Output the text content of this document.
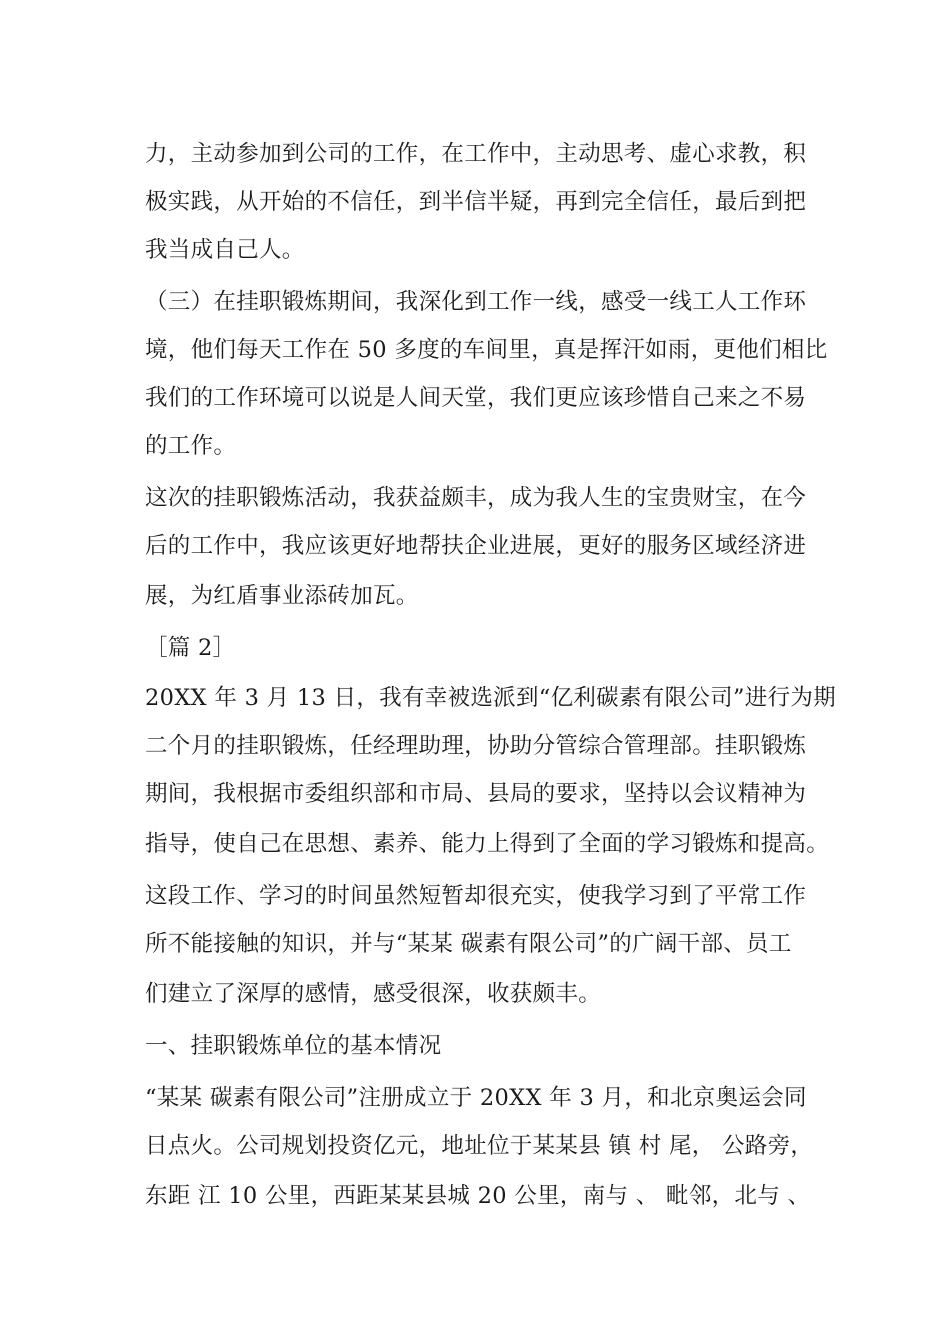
力，主动参加到公司的工作，在工作中，主动思考、虚心求教，积
极实践，从开始的不信任，到半信半疑，再到完全信任，最后到把
我当成自己人。
（三）在挂职锻炼期间，我深化到工作一线，感受一线工人工作环
境，他们每天工作在 50 多度的车间里，真是挥汗如雨，更他们相比
我们的工作环境可以说是人间天堂，我们更应该珍惜自己来之不易
的工作。
这次的挂职锻炼活动，我获益颇丰，成为我人生的宝贵财宝，在今
后的工作中，我应该更好地帮扶企业进展，更好的服务区域经济进
展，为红盾事业添砖加瓦。
［篇 2］
20XX 年 3 月 13 日，我有幸被选派到“亿利碳素有限公司”进行为期
二个月的挂职锻炼，任经理助理，协助分管综合管理部。挂职锻炼
期间，我根据市委组织部和市局、县局的要求，坚持以会议精神为
指导，使自己在思想、素养、能力上得到了全面的学习锻炼和提高。
这段工作、学习的时间虽然短暂却很充实，使我学习到了平常工作
所不能接触的知识，并与“某某 碳素有限公司”的广阔干部、员工
们建立了深厚的感情，感受很深，收获颇丰。
一、挂职锻炼单位的基本情况
“某某 碳素有限公司”注册成立于 20XX 年 3 月，和北京奥运会同
日点火。公司规划投资亿元，地址位于某某县 镇 村 尾， 公路旁，
东距 江 10 公里，西距某某县城 20 公里，南与 、 毗邻，北与 、
